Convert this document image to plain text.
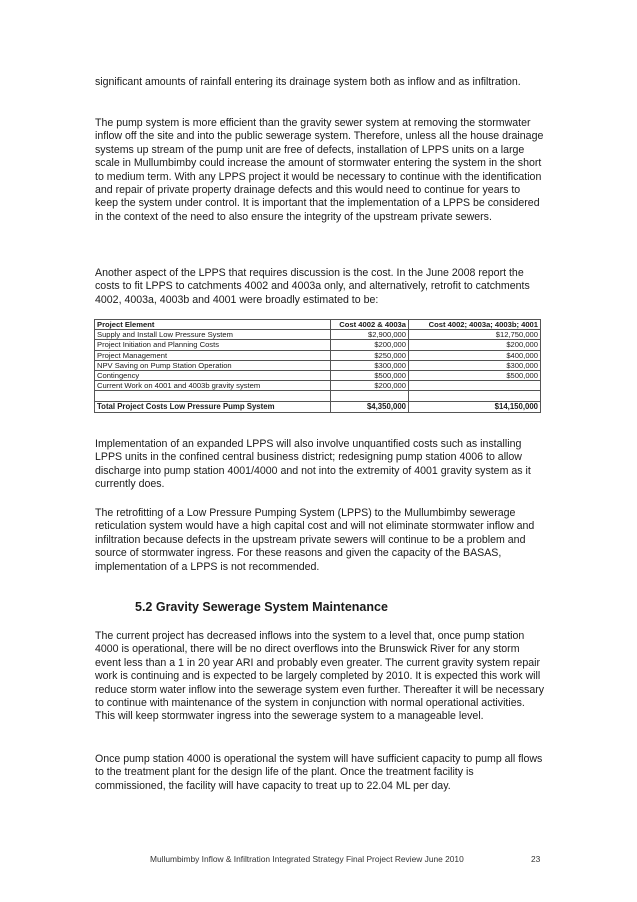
significant amounts of rainfall entering its drainage system both as inflow and as infiltration.

The pump system is more efficient than the gravity sewer system at removing the stormwater inflow off the site and into the public sewerage system. Therefore, unless all the house drainage systems up stream of the pump unit are free of defects, installation of LPPS units on a large scale in Mullumbimby could increase the amount of stormwater entering the system in the short to medium term. With any LPPS project it would be necessary to continue with the identification and repair of private property drainage defects and this would need to continue for years to keep the system under control. It is important that the implementation of a LPPS be considered in the context of the need to also ensure the integrity of the upstream private sewers.

Another aspect of the LPPS that requires discussion is the cost. In the June 2008 report the costs to fit LPPS to catchments 4002 and 4003a only, and alternatively, retrofit to catchments 4002, 4003a, 4003b and 4001 were broadly estimated to be:

Project Element	Cost 4002 & 4003a	Cost 4002; 4003a; 4003b; 4001
Supply and Install Low Pressure System	$2,900,000	$12,750,000
Project Initiation and Planning Costs	$200,000	$200,000
Project Management	$250,000	$400,000
NPV Saving on Pump Station Operation	$300,000	$300,000
Contingency	$500,000	$500,000
Current Work on 4001 and 4003b gravity system	$200,000	

Total Project Costs Low Pressure Pump System	$4,350,000	$14,150,000

Implementation of an expanded LPPS will also involve unquantified costs such as installing LPPS units in the confined central business district; redesigning pump station 4006 to allow discharge into pump station 4001/4000 and not into the extremity of 4001 gravity system as it currently does.

The retrofitting of a Low Pressure Pumping System (LPPS) to the Mullumbimby sewerage reticulation system would have a high capital cost and will not eliminate stormwater inflow and infiltration because defects in the upstream private sewers will continue to be a problem and source of stormwater ingress. For these reasons and given the capacity of the BASAS, implementation of a LPPS is not recommended.

5.2 Gravity Sewerage System Maintenance

The current project has decreased inflows into the system to a level that, once pump station 4000 is operational, there will be no direct overflows into the Brunswick River for any storm event less than a 1 in 20 year ARI and probably even greater. The current gravity system repair work is continuing and is expected to be largely completed by 2010. It is expected this work will reduce storm water inflow into the sewerage system even further. Thereafter it will be necessary to continue with maintenance of the system in conjunction with normal operational activities. This will keep stormwater ingress into the sewerage system to a manageable level.

Once pump station 4000 is operational the system will have sufficient capacity to pump all flows to the treatment plant for the design life of the plant. Once the treatment facility is commissioned, the facility will have capacity to treat up to 22.04 ML per day.

Mullumbimby Inflow & Infiltration Integrated Strategy Final Project Review June 2010	23
